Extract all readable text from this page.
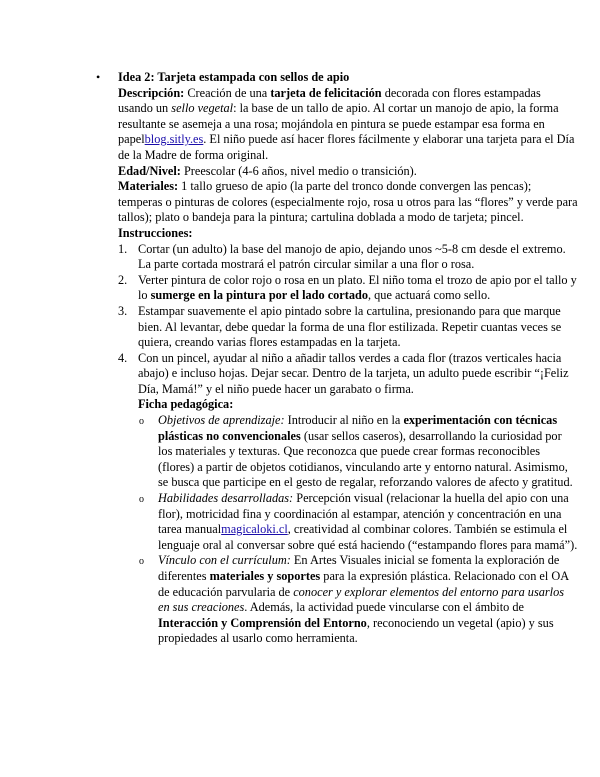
• Idea 2: Tarjeta estampada con sellos de apio

Descripción: Creación de una tarjeta de felicitación decorada con flores estampadas usando un sello vegetal: la base de un tallo de apio. Al cortar un manojo de apio, la forma resultante se asemeja a una rosa; mojándola en pintura se puede estampar esa forma en papelblog.sitly.es. El niño puede así hacer flores fácilmente y elaborar una tarjeta para el Día de la Madre de forma original.

Edad/Nivel: Preescolar (4-6 años, nivel medio o transición).

Materiales: 1 tallo grueso de apio (la parte del tronco donde convergen las pencas); temperas o pinturas de colores (especialmente rojo, rosa u otros para las “flores” y verde para tallos); plato o bandeja para la pintura; cartulina doblada a modo de tarjeta; pincel.

Instrucciones:

1. Cortar (un adulto) la base del manojo de apio, dejando unos ~5-8 cm desde el extremo. La parte cortada mostrará el patrón circular similar a una flor o rosa.
2. Verter pintura de color rojo o rosa en un plato. El niño toma el trozo de apio por el tallo y lo sumerge en la pintura por el lado cortado, que actuará como sello.
3. Estampar suavemente el apio pintado sobre la cartulina, presionando para que marque bien. Al levantar, debe quedar la forma de una flor estilizada. Repetir cuantas veces se quiera, creando varias flores estampadas en la tarjeta.
4. Con un pincel, ayudar al niño a añadir tallos verdes a cada flor (trazos verticales hacia abajo) e incluso hojas. Dejar secar. Dentro de la tarjeta, un adulto puede escribir “¡Feliz Día, Mamá!” y el niño puede hacer un garabato o firma.

Ficha pedagógica:

o Objetivos de aprendizaje: Introducir al niño en la experimentación con técnicas plásticas no convencionales (usar sellos caseros), desarrollando la curiosidad por los materiales y texturas. Que reconozca que puede crear formas reconocibles (flores) a partir de objetos cotidianos, vinculando arte y entorno natural. Asimismo, se busca que participe en el gesto de regalar, reforzando valores de afecto y gratitud.
o Habilidades desarrolladas: Percepción visual (relacionar la huella del apio con una flor), motricidad fina y coordinación al estampar, atención y concentración en una tarea manualmagicaloki.cl, creatividad al combinar colores. También se estimula el lenguaje oral al conversar sobre qué está haciendo (“estampando flores para mamá”).
o Vínculo con el currículum: En Artes Visuales inicial se fomenta la exploración de diferentes materiales y soportes para la expresión plástica. Relacionado con el OA de educación parvularia de conocer y explorar elementos del entorno para usarlos en sus creaciones. Además, la actividad puede vincularse con el ámbito de Interacción y Comprensión del Entorno, reconociendo un vegetal (apio) y sus propiedades al usarlo como herramienta.
